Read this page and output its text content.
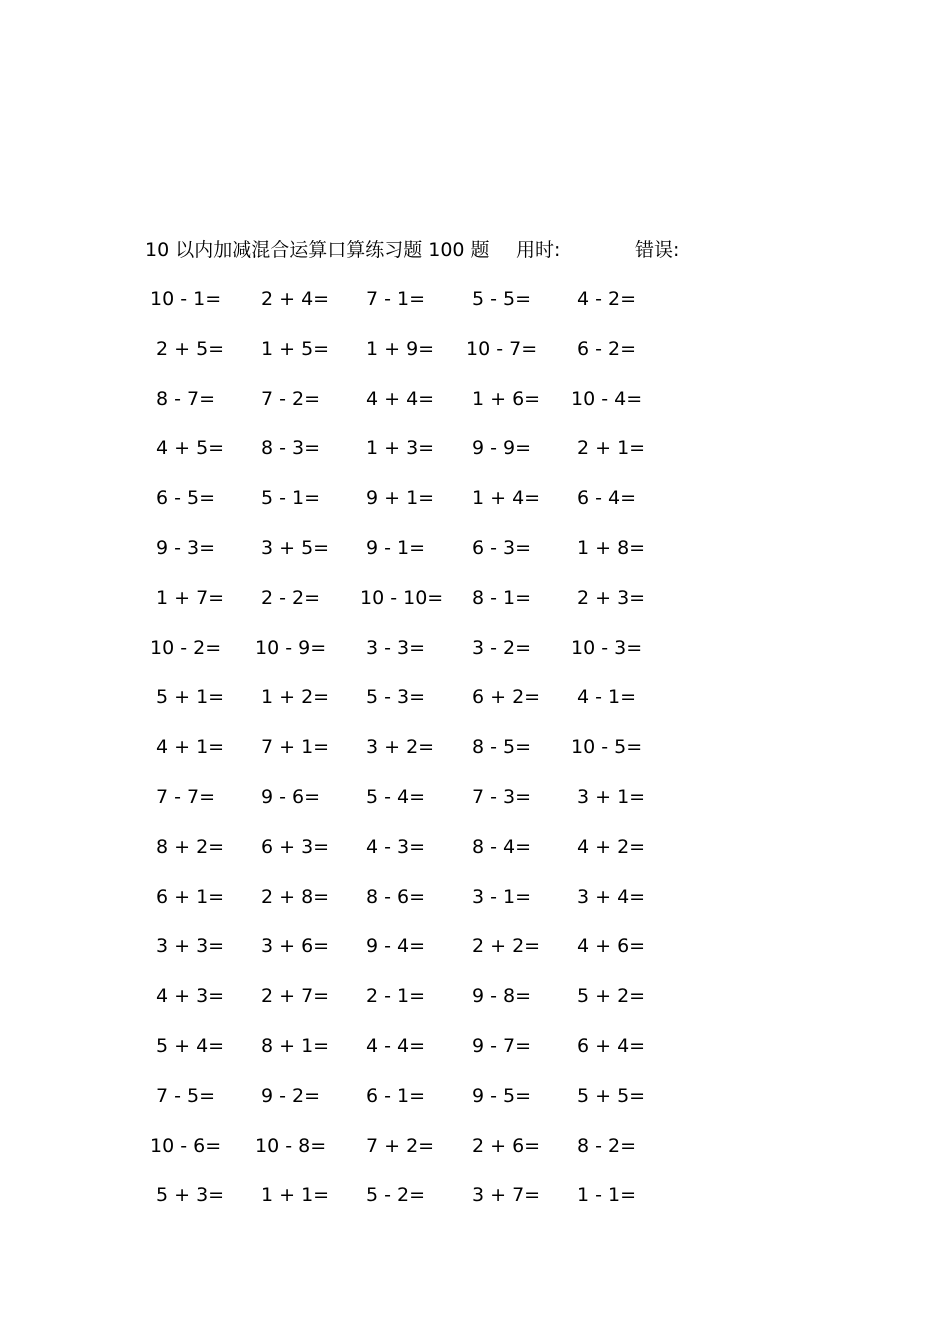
10 以内加减混合运算口算练习题 100 题 用时:	错误:
10 - 1= 2 + 4= 7 - 1= 5 - 5= 4 - 2=
2 + 5= 1 + 5= 1 + 9= 10 - 7= 6 - 2=
8 - 7= 7 - 2= 4 + 4= 1 + 6= 10 - 4=
4 + 5= 8 - 3= 1 + 3= 9 - 9= 2 + 1=
6 - 5= 5 - 1= 9 + 1= 1 + 4= 6 - 4=
9 - 3= 3 + 5= 9 - 1= 6 - 3= 1 + 8=
1 + 7= 2 - 2= 10 - 10= 8 - 1= 2 + 3=
10 - 2= 10 - 9= 3 - 3= 3 - 2= 10 - 3=
5 + 1= 1 + 2= 5 - 3= 6 + 2= 4 - 1=
4 + 1= 7 + 1= 3 + 2= 8 - 5= 10 - 5=
7 - 7= 9 - 6= 5 - 4= 7 - 3= 3 + 1=
8 + 2= 6 + 3= 4 - 3= 8 - 4= 4 + 2=
6 + 1= 2 + 8= 8 - 6= 3 - 1= 3 + 4=
3 + 3= 3 + 6= 9 - 4= 2 + 2= 4 + 6=
4 + 3= 2 + 7= 2 - 1= 9 - 8= 5 + 2=
5 + 4= 8 + 1= 4 - 4= 9 - 7= 6 + 4=
7 - 5= 9 - 2= 6 - 1= 9 - 5= 5 + 5=
10 - 6= 10 - 8= 7 + 2= 2 + 6= 8 - 2=
5 + 3= 1 + 1= 5 - 2= 3 + 7= 1 - 1=
